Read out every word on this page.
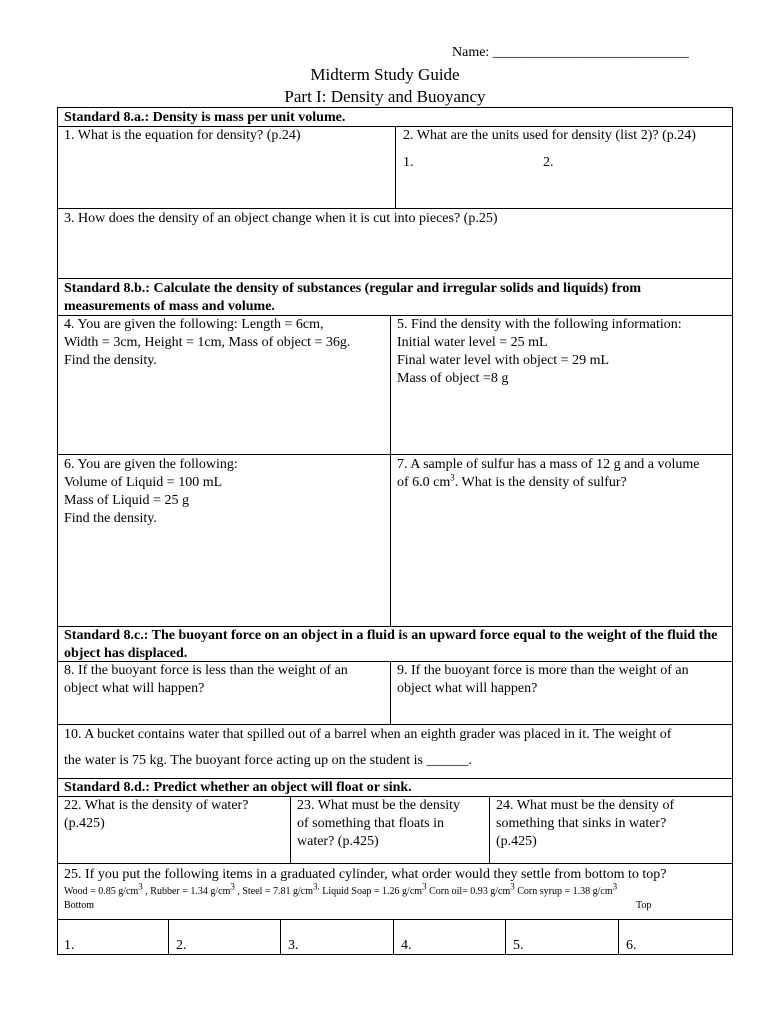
Name: ____________________________
Midterm Study Guide
Part I: Density and Buoyancy
Standard 8.a.: Density is mass per unit volume.
1. What is the equation for density? (p.24)	2. What are the units used for density (list 2)? (p.24)
1.	2.
3. How does the density of an object change when it is cut into pieces? (p.25)
Standard 8.b.: Calculate the density of substances (regular and irregular solids and liquids) from measurements of mass and volume.
4. You are given the following: Length = 6cm,
Width = 3cm, Height = 1cm, Mass of object = 36g.
Find the density.
5. Find the density with the following information:
Initial water level = 25 mL
Final water level with object = 29 mL
Mass of object =8 g
6. You are given the following:
Volume of Liquid = 100 mL
Mass of Liquid = 25 g
Find the density.
7. A sample of sulfur has a mass of 12 g and a volume
of 6.0 $cm^3$. What is the density of sulfur?
Standard 8.c.: The buoyant force on an object in a fluid is an upward force equal to the weight of the fluid the object has displaced.
8. If the buoyant force is less than the weight of an
object what will happen?
9. If the buoyant force is more than the weight of an
object what will happen?
10. A bucket contains water that spilled out of a barrel when an eighth grader was placed in it. The weight of
the water is 75 kg. The buoyant force acting up on the student is ______.
Standard 8.d.: Predict whether an object will float or sink.
22. What is the density of water?
(p.425)
23. What must be the density
of something that floats in
water? (p.425)
24. What must be the density of
something that sinks in water?
(p.425)
25. If you put the following items in a graduated cylinder, what order would they settle from bottom to top?
Wood = 0.85 $g/cm^3$ , Rubber = 1.34 $g/cm^3$ , Steel = 7.81 $g/cm^{3.}$ Liquid Soap = 1.26 $g/cm^3$ Corn oil= 0.93 $g/cm^3$ Corn syrup = 1.38 $g/cm^3$
Bottom	Top
1.	2.	3.	4.	5.	6.
